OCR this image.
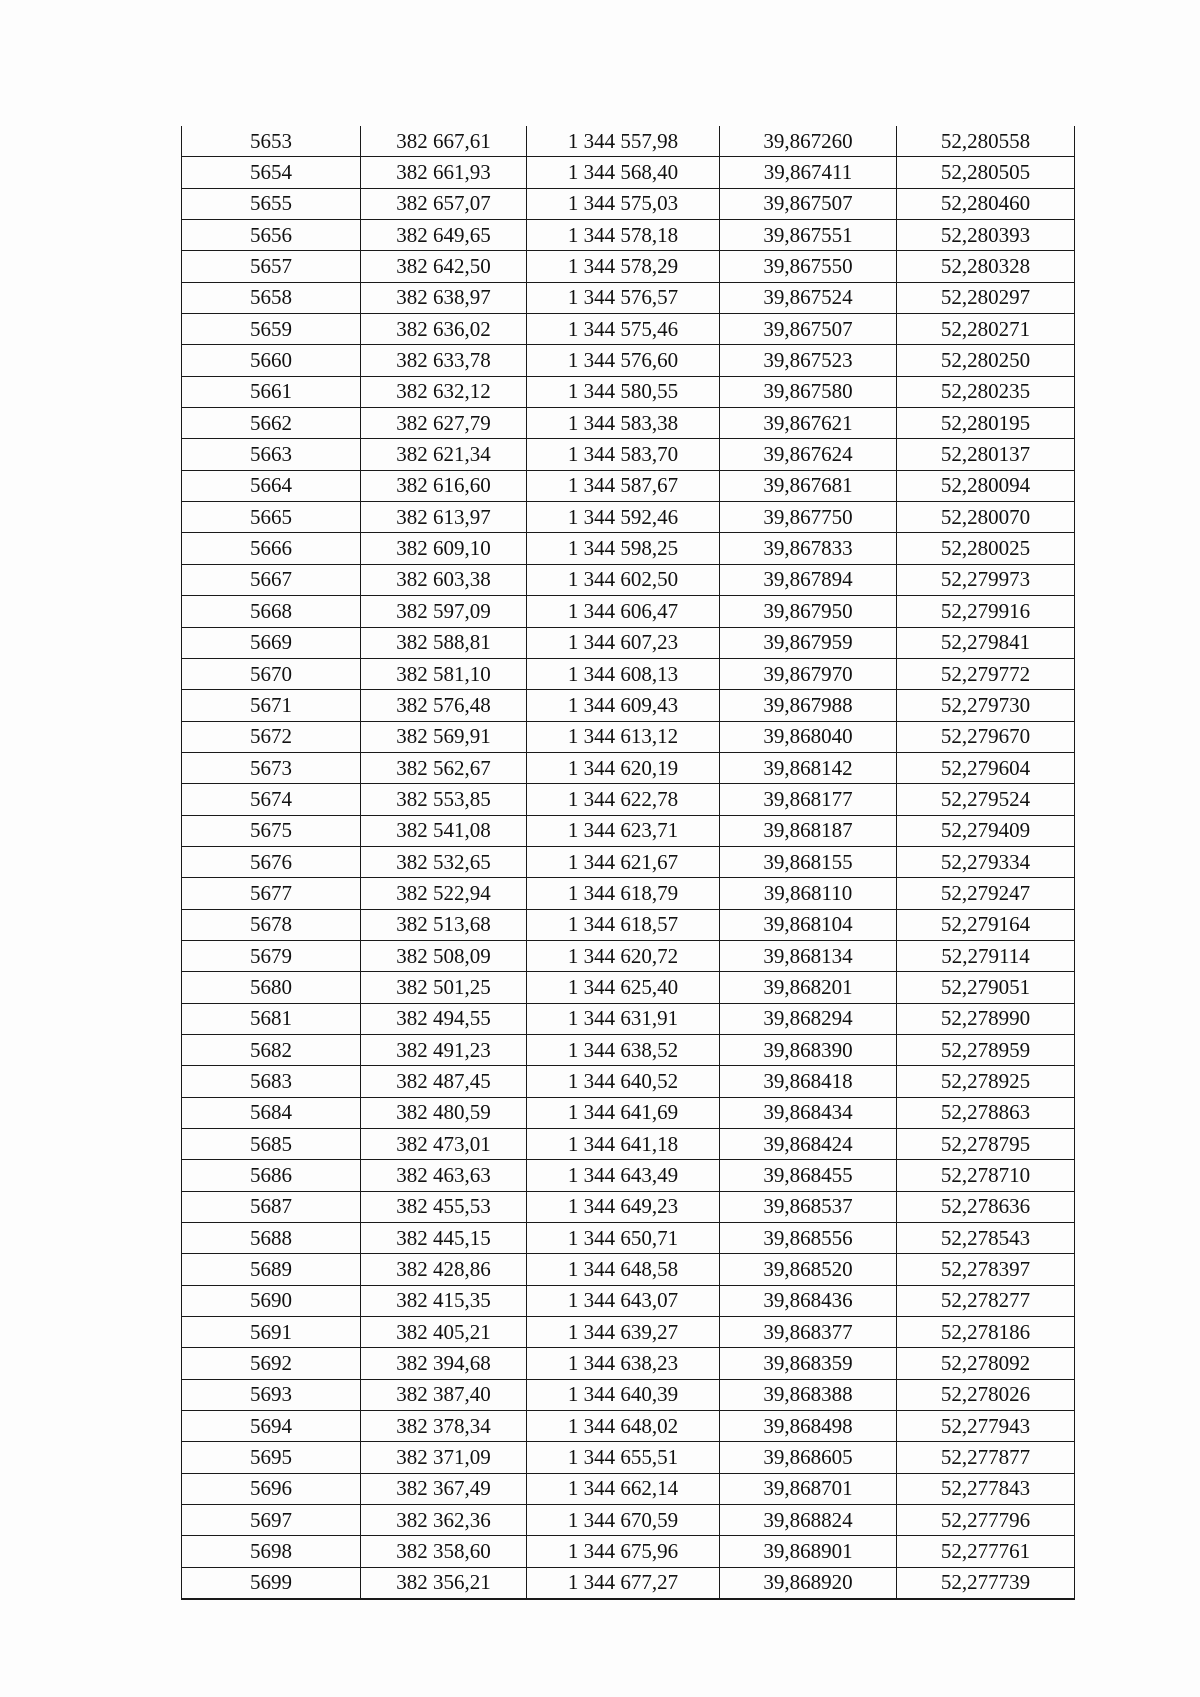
5653	382 667,61	1 344 557,98	39,867260	52,280558
5654	382 661,93	1 344 568,40	39,867411	52,280505
5655	382 657,07	1 344 575,03	39,867507	52,280460
5656	382 649,65	1 344 578,18	39,867551	52,280393
5657	382 642,50	1 344 578,29	39,867550	52,280328
5658	382 638,97	1 344 576,57	39,867524	52,280297
5659	382 636,02	1 344 575,46	39,867507	52,280271
5660	382 633,78	1 344 576,60	39,867523	52,280250
5661	382 632,12	1 344 580,55	39,867580	52,280235
5662	382 627,79	1 344 583,38	39,867621	52,280195
5663	382 621,34	1 344 583,70	39,867624	52,280137
5664	382 616,60	1 344 587,67	39,867681	52,280094
5665	382 613,97	1 344 592,46	39,867750	52,280070
5666	382 609,10	1 344 598,25	39,867833	52,280025
5667	382 603,38	1 344 602,50	39,867894	52,279973
5668	382 597,09	1 344 606,47	39,867950	52,279916
5669	382 588,81	1 344 607,23	39,867959	52,279841
5670	382 581,10	1 344 608,13	39,867970	52,279772
5671	382 576,48	1 344 609,43	39,867988	52,279730
5672	382 569,91	1 344 613,12	39,868040	52,279670
5673	382 562,67	1 344 620,19	39,868142	52,279604
5674	382 553,85	1 344 622,78	39,868177	52,279524
5675	382 541,08	1 344 623,71	39,868187	52,279409
5676	382 532,65	1 344 621,67	39,868155	52,279334
5677	382 522,94	1 344 618,79	39,868110	52,279247
5678	382 513,68	1 344 618,57	39,868104	52,279164
5679	382 508,09	1 344 620,72	39,868134	52,279114
5680	382 501,25	1 344 625,40	39,868201	52,279051
5681	382 494,55	1 344 631,91	39,868294	52,278990
5682	382 491,23	1 344 638,52	39,868390	52,278959
5683	382 487,45	1 344 640,52	39,868418	52,278925
5684	382 480,59	1 344 641,69	39,868434	52,278863
5685	382 473,01	1 344 641,18	39,868424	52,278795
5686	382 463,63	1 344 643,49	39,868455	52,278710
5687	382 455,53	1 344 649,23	39,868537	52,278636
5688	382 445,15	1 344 650,71	39,868556	52,278543
5689	382 428,86	1 344 648,58	39,868520	52,278397
5690	382 415,35	1 344 643,07	39,868436	52,278277
5691	382 405,21	1 344 639,27	39,868377	52,278186
5692	382 394,68	1 344 638,23	39,868359	52,278092
5693	382 387,40	1 344 640,39	39,868388	52,278026
5694	382 378,34	1 344 648,02	39,868498	52,277943
5695	382 371,09	1 344 655,51	39,868605	52,277877
5696	382 367,49	1 344 662,14	39,868701	52,277843
5697	382 362,36	1 344 670,59	39,868824	52,277796
5698	382 358,60	1 344 675,96	39,868901	52,277761
5699	382 356,21	1 344 677,27	39,868920	52,277739
